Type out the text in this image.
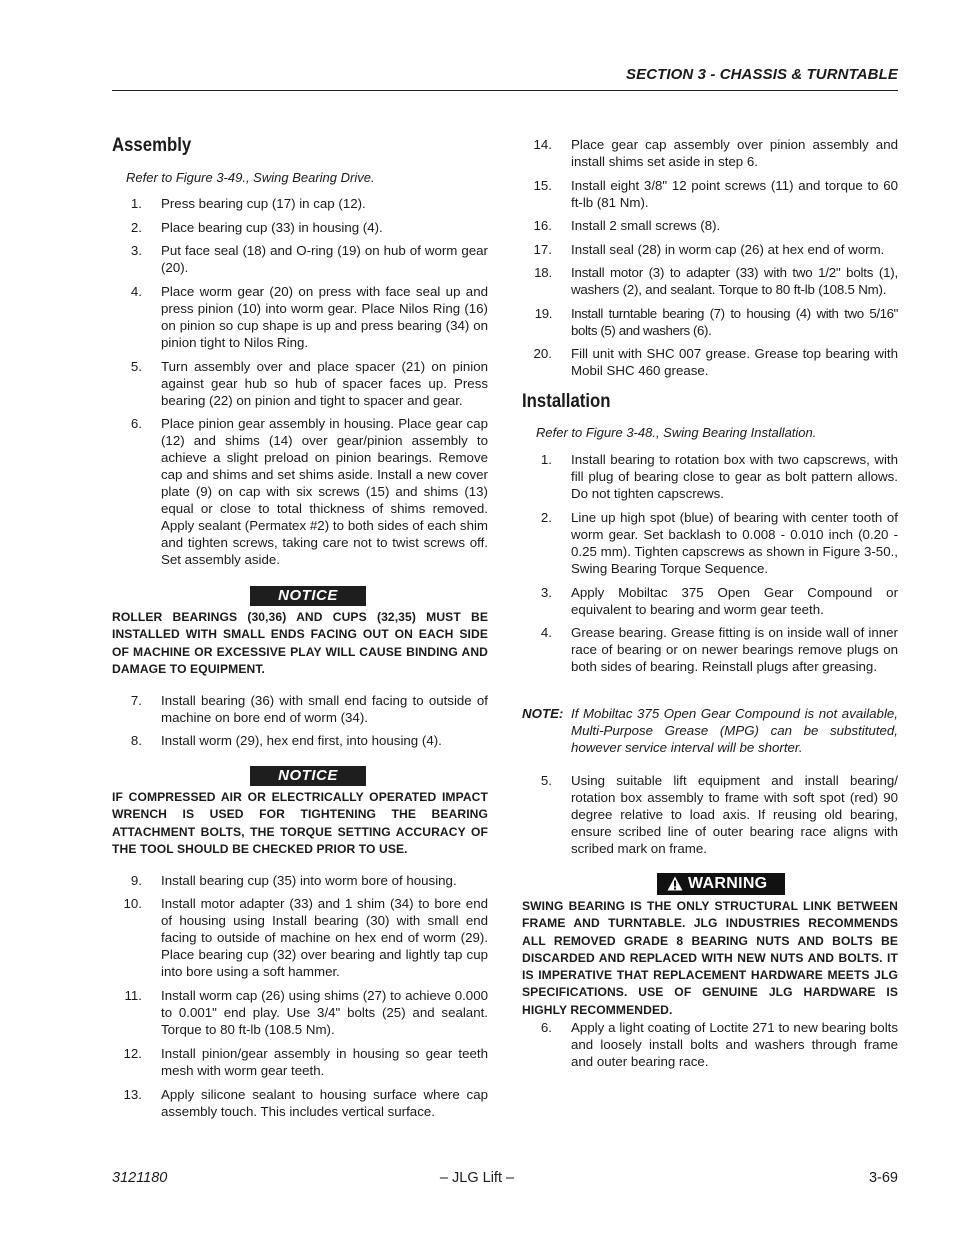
SECTION 3 - CHASSIS & TURNTABLE
Assembly
Refer to Figure 3-49., Swing Bearing Drive.
1. Press bearing cup (17) in cap (12).
2. Place bearing cup (33) in housing (4).
3. Put face seal (18) and O-ring (19) on hub of worm gear (20).
4. Place worm gear (20) on press with face seal up and press pinion (10) into worm gear. Place Nilos Ring (16) on pinion so cup shape is up and press bearing (34) on pinion tight to Nilos Ring.
5. Turn assembly over and place spacer (21) on pinion against gear hub so hub of spacer faces up. Press bearing (22) on pinion and tight to spacer and gear.
6. Place pinion gear assembly in housing. Place gear cap (12) and shims (14) over gear/pinion assembly to achieve a slight preload on pinion bearings. Remove cap and shims and set shims aside. Install a new cover plate (9) on cap with six screws (15) and shims (13) equal or close to total thickness of shims removed. Apply sealant (Permatex #2) to both sides of each shim and tighten screws, taking care not to twist screws off. Set assembly aside.
NOTICE
ROLLER BEARINGS (30,36) AND CUPS (32,35) MUST BE INSTALLED WITH SMALL ENDS FACING OUT ON EACH SIDE OF MACHINE OR EXCESSIVE PLAY WILL CAUSE BINDING AND DAMAGE TO EQUIPMENT.
7. Install bearing (36) with small end facing to outside of machine on bore end of worm (34).
8. Install worm (29), hex end first, into housing (4).
NOTICE
IF COMPRESSED AIR OR ELECTRICALLY OPERATED IMPACT WRENCH IS USED FOR TIGHTENING THE BEARING ATTACHMENT BOLTS, THE TORQUE SETTING ACCURACY OF THE TOOL SHOULD BE CHECKED PRIOR TO USE.
9. Install bearing cup (35) into worm bore of housing.
10. Install motor adapter (33) and 1 shim (34) to bore end of housing using Install bearing (30) with small end facing to outside of machine on hex end of worm (29). Place bearing cup (32) over bearing and lightly tap cup into bore using a soft hammer.
11. Install worm cap (26) using shims (27) to achieve 0.000 to 0.001" end play. Use 3/4" bolts (25) and sealant. Torque to 80 ft-lb (108.5 Nm).
12. Install pinion/gear assembly in housing so gear teeth mesh with worm gear teeth.
13. Apply silicone sealant to housing surface where cap assembly touch. This includes vertical surface.
14. Place gear cap assembly over pinion assembly and install shims set aside in step 6.
15. Install eight 3/8" 12 point screws (11) and torque to 60 ft-lb (81 Nm).
16. Install 2 small screws (8).
17. Install seal (28) in worm cap (26) at hex end of worm.
18. Install motor (3) to adapter (33) with two 1/2" bolts (1), washers (2), and sealant. Torque to 80 ft-lb (108.5 Nm).
19. Install turntable bearing (7) to housing (4) with two 5/16" bolts (5) and washers (6).
20. Fill unit with SHC 007 grease. Grease top bearing with Mobil SHC 460 grease.
Installation
Refer to Figure 3-48., Swing Bearing Installation.
1. Install bearing to rotation box with two capscrews, with fill plug of bearing close to gear as bolt pattern allows. Do not tighten capscrews.
2. Line up high spot (blue) of bearing with center tooth of worm gear. Set backlash to 0.008 - 0.010 inch (0.20 - 0.25 mm). Tighten capscrews as shown in Figure 3-50., Swing Bearing Torque Sequence.
3. Apply Mobiltac 375 Open Gear Compound or equivalent to bearing and worm gear teeth.
4. Grease bearing. Grease fitting is on inside wall of inner race of bearing or on newer bearings remove plugs on both sides of bearing. Reinstall plugs after greasing.
NOTE: If Mobiltac 375 Open Gear Compound is not available, Multi-Purpose Grease (MPG) can be substituted, however service interval will be shorter.
5. Using suitable lift equipment and install bearing/ rotation box assembly to frame with soft spot (red) 90 degree relative to load axis. If reusing old bearing, ensure scribed line of outer bearing race aligns with scribed mark on frame.
WARNING
SWING BEARING IS THE ONLY STRUCTURAL LINK BETWEEN FRAME AND TURNTABLE. JLG INDUSTRIES RECOMMENDS ALL REMOVED GRADE 8 BEARING NUTS AND BOLTS BE DISCARDED AND REPLACED WITH NEW NUTS AND BOLTS. IT IS IMPERATIVE THAT REPLACEMENT HARDWARE MEETS JLG SPECIFICATIONS. USE OF GENUINE JLG HARDWARE IS HIGHLY RECOMMENDED.
6. Apply a light coating of Loctite 271 to new bearing bolts and loosely install bolts and washers through frame and outer bearing race.
3121180	– JLG Lift –	3-69
